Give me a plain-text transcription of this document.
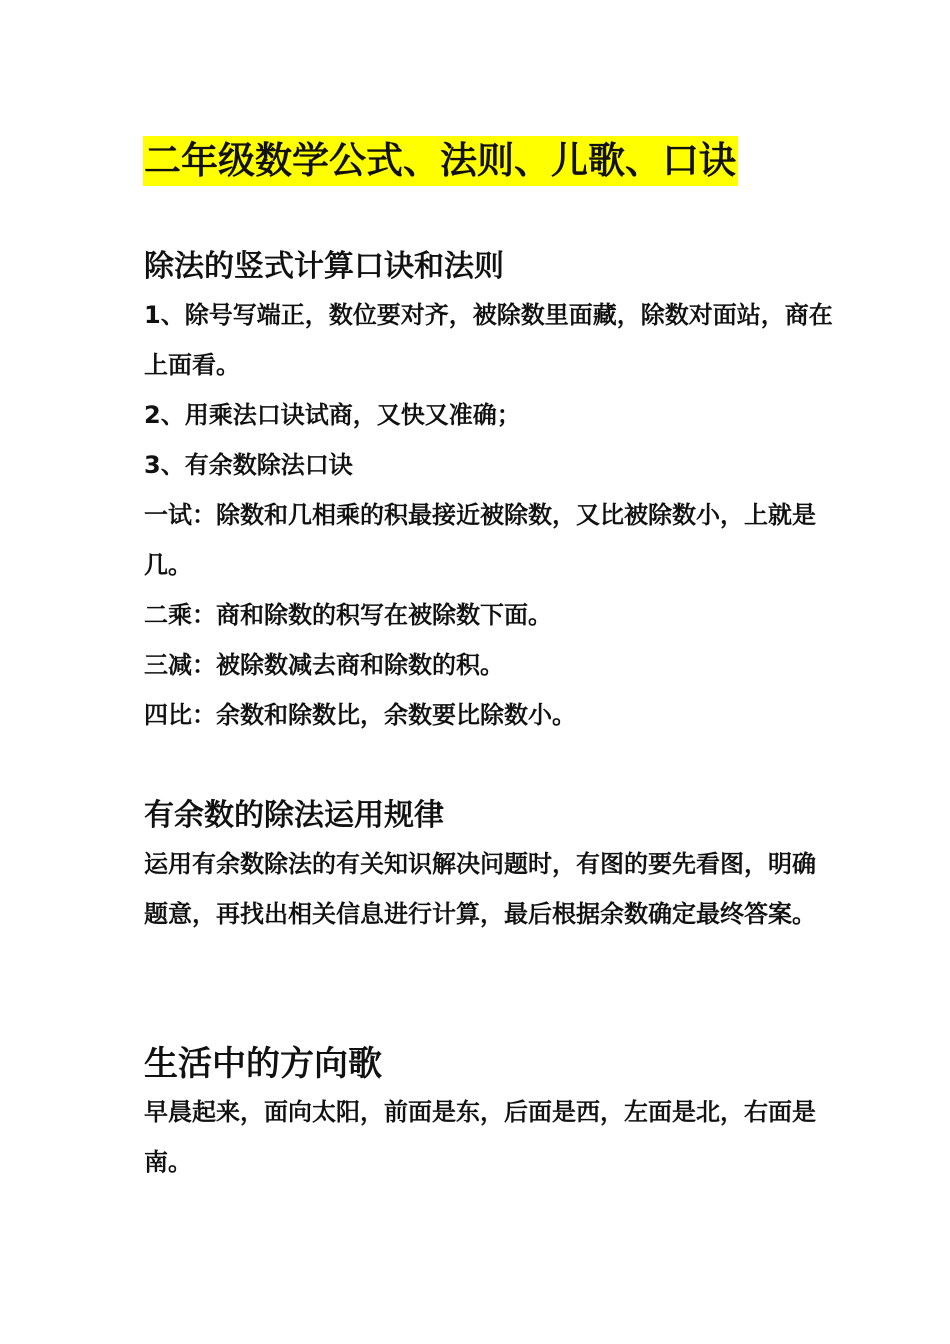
二年级数学公式、法则、儿歌、口诀
除法的竖式计算口诀和法则

1、除号写端正，数位要对齐，被除数里面藏，除数对面站，商在上面看。

2、用乘法口诀试商，又快又准确；

3、有余数除法口诀

一试：除数和几相乘的积最接近被除数，又比被除数小，上就是几。

二乘：商和除数的积写在被除数下面。

三减：被除数减去商和除数的积。

四比：余数和除数比，余数要比除数小。

有余数的除法运用规律

运用有余数除法的有关知识解决问题时，有图的要先看图，明确题意，再找出相关信息进行计算，最后根据余数确定最终答案。

生活中的方向歌

早晨起来，面向太阳，前面是东，后面是西，左面是北，右面是南。
